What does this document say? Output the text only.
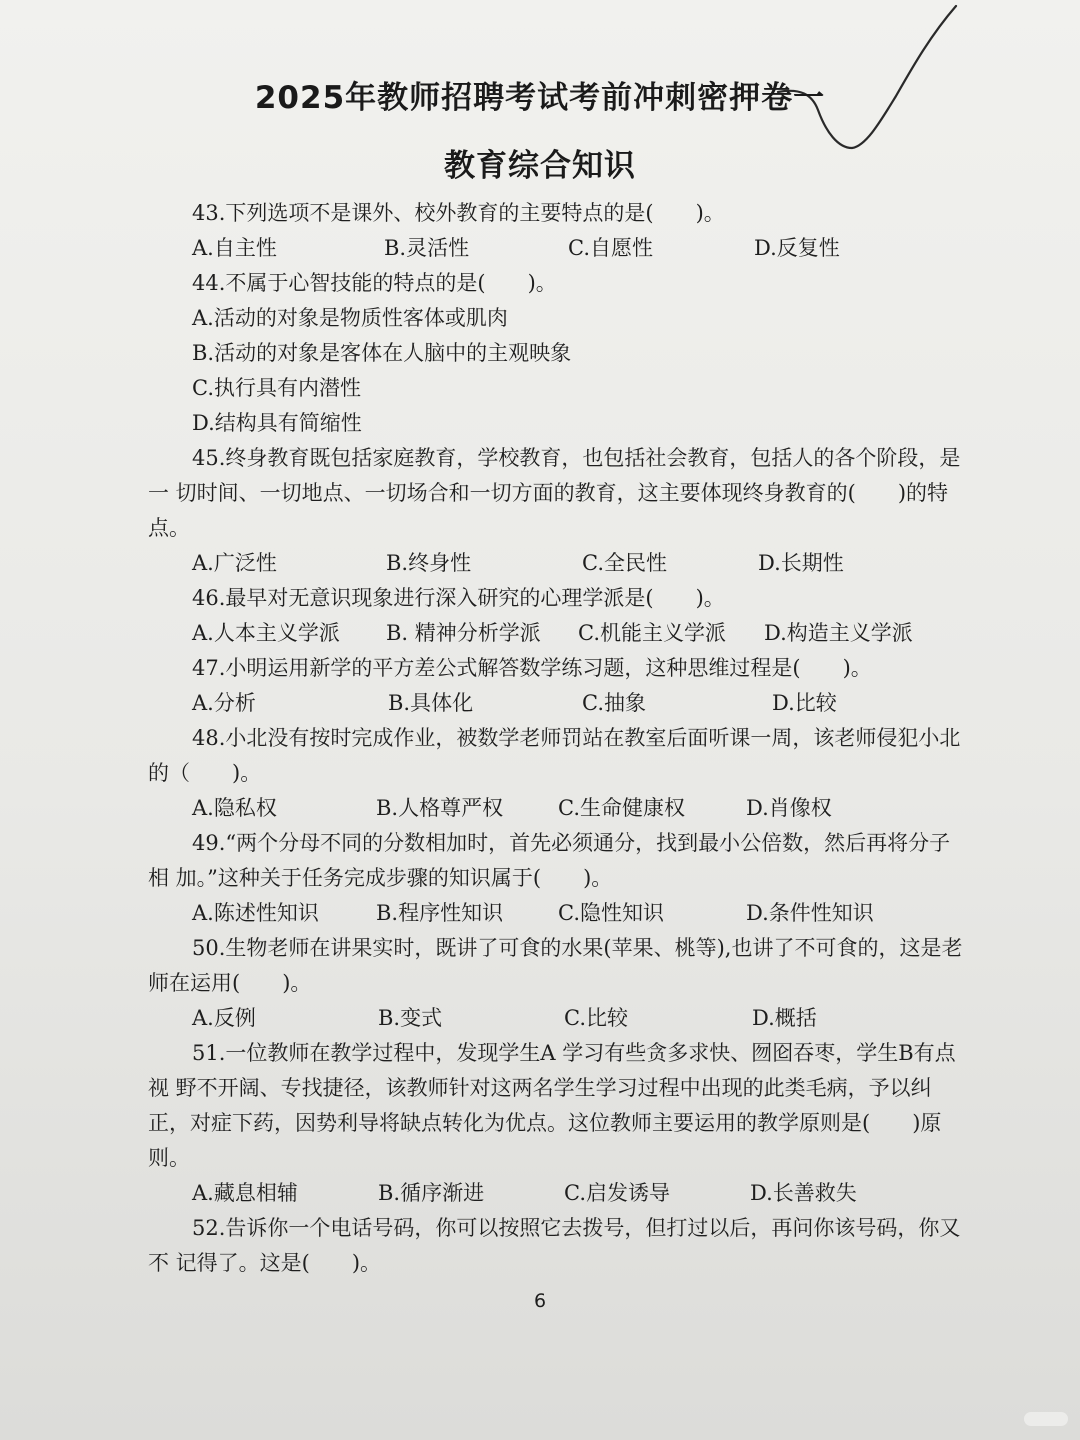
2025年教师招聘考试考前冲刺密押卷一
教育综合知识

43.下列选项不是课外、校外教育的主要特点的是(　　)。

A.自主性	B.灵活性	C.自愿性	D.反复性

44.不属于心智技能的特点的是(　　)。

A.活动的对象是物质性客体或肌肉
B.活动的对象是客体在人脑中的主观映象
C.执行具有内潜性
D.结构具有简缩性

45.终身教育既包括家庭教育，学校教育，也包括社会教育，包括人的各个阶段，是一 切时间、一切地点、一切场合和一切方面的教育，这主要体现终身教育的(　　)的特点。

A.广泛性	B.终身性	C.全民性	D.长期性

46.最早对无意识现象进行深入研究的心理学派是(　　)。

A.人本主义学派 B. 精神分析学派 C.机能主义学派 D.构造主义学派

47.小明运用新学的平方差公式解答数学练习题，这种思维过程是(　　)。

A.分析	B.具体化	C.抽象	D.比较

48.小北没有按时完成作业，被数学老师罚站在教室后面听课一周，该老师侵犯小北的（　　)。

A.隐私权	B.人格尊严权	C.生命健康权	D.肖像权

49.“两个分母不同的分数相加时，首先必须通分，找到最小公倍数，然后再将分子相 加。”这种关于任务完成步骤的知识属于(　　)。

A.陈述性知识	B.程序性知识	C.隐性知识	D.条件性知识

50.生物老师在讲果实时，既讲了可食的水果(苹果、桃等),也讲了不可食的，这是老 师在运用(　　)。

A.反例	B.变式	C.比较	D.概括

51.一位教师在教学过程中，发现学生A 学习有些贪多求快、囫囵吞枣，学生B有点视 野不开阔、专找捷径，该教师针对这两名学生学习过程中出现的此类毛病，予以纠正，对症下药，因势利导将缺点转化为优点。这位教师主要运用的教学原则是(　　)原则。

A.藏息相辅	B.循序渐进	C.启发诱导	D.长善救失

52.告诉你一个电话号码，你可以按照它去拨号，但打过以后，再问你该号码，你又不 记得了。这是(　　)。

6
